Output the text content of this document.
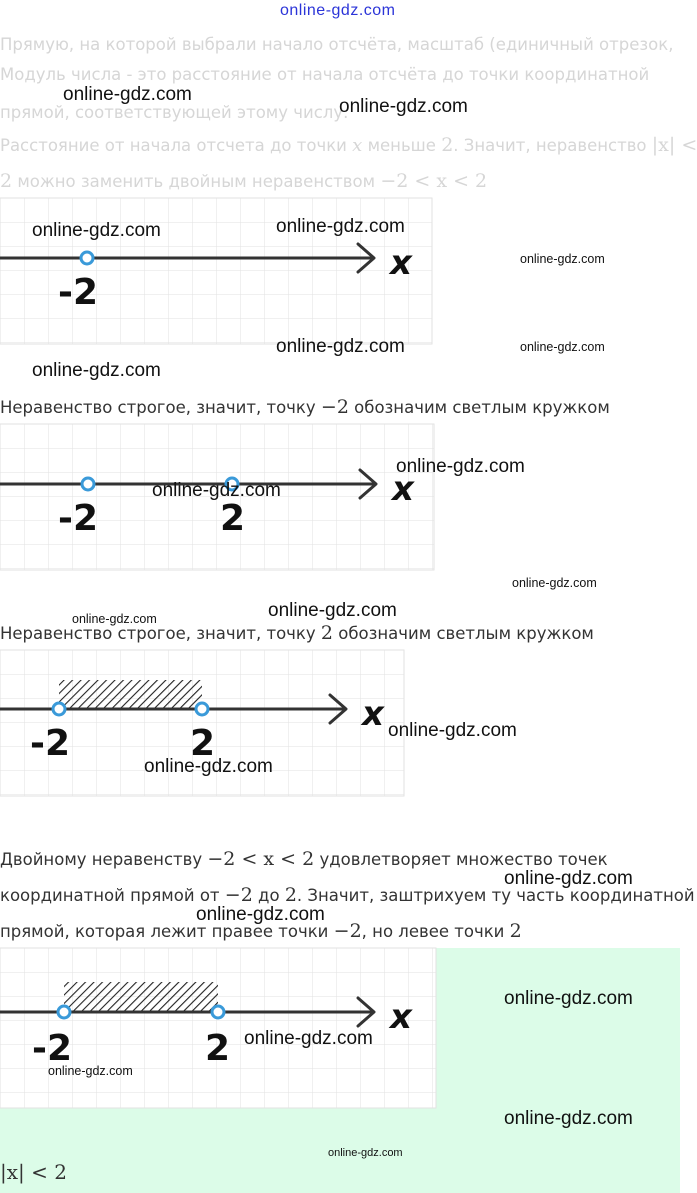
online-gdz.com
Прямую, на которой выбрали начало отсчёта, масштаб (единичный отрезок,
Модуль числа - это расстояние от начала отсчёта до точки координатной
прямой, соответствующей этому числу.
Расстояние от начала отсчета до точки x меньше 2. Значит, неравенство |x| <
2 можно заменить двойным неравенством −2 < x < 2
-2
x
Неравенство строгое, значит, точку −2 обозначим светлым кружком
-2	2
x
Неравенство строгое, значит, точку 2 обозначим светлым кружком
-2	2
x
Двойному неравенству −2 < x < 2 удовлетворяет множество точек
координатной прямой от −2 до 2. Значит, заштрихуем ту часть координатной
прямой, которая лежит правее точки −2, но левее точки 2
-2	2
x
|x| < 2
online-gdz.com
online-gdz.com
online-gdz.com	online-gdz.com
online-gdz.com
online-gdz.com	online-gdz.com
online-gdz.com
online-gdz.com
online-gdz.com
online-gdz.com
online-gdz.com
online-gdz.com
online-gdz.com
online-gdz.com
online-gdz.com
online-gdz.com
online-gdz.com
online-gdz.com
online-gdz.com
online-gdz.com
online-gdz.com
